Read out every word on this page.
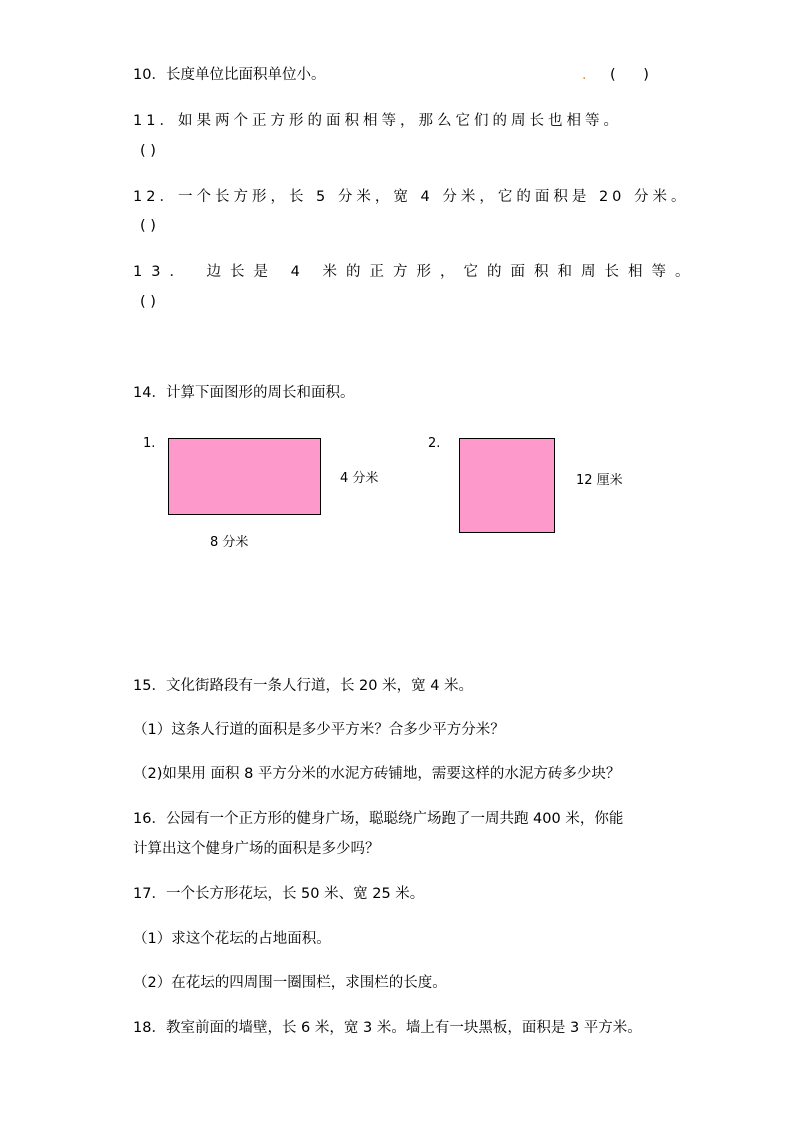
10．长度单位比面积单位小。	. (      )
11．如果两个正方形的面积相等，那么它们的周长也相等。
( )
12．一个长方形，长 5 分米，宽 4 分米，它的面积是 20 分米。
( )
13． 边长是 4 米的正方形，它的面积和周长相等。
( )
14．计算下面图形的周长和面积。
1.
4 分米
8 分米
2.
12 厘米
15．文化街路段有一条人行道，长 20 米，宽 4 米。
（1）这条人行道的面积是多少平方米？合多少平方分米？
（2)如果用 面积 8 平方分米的水泥方砖铺地，需要这样的水泥方砖多少块？
16．公园有一个正方形的健身广场，聪聪绕广场跑了一周共跑 400 米，你能
计算出这个健身广场的面积是多少吗？
17．一个长方形花坛，长 50 米、宽 25 米。
（1）求这个花坛的占地面积。
（2）在花坛的四周围一圈围栏，求围栏的长度。
18．教室前面的墙壁，长 6 米，宽 3 米。墙上有一块黑板，面积是 3 平方米。
